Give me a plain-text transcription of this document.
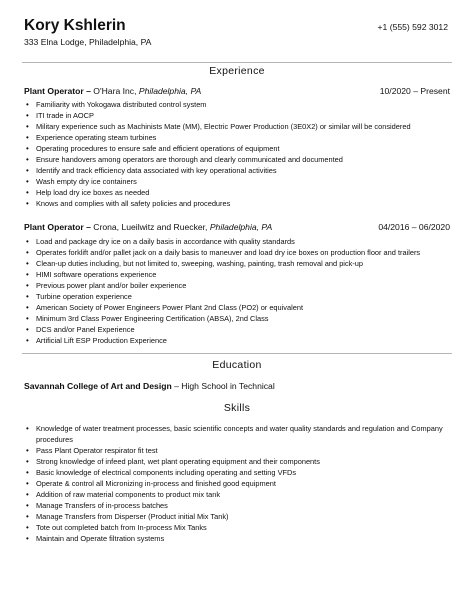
Kory Kshlerin
333 Elna Lodge, Philadelphia, PA
+1 (555) 592 3012
Experience
Plant Operator – O'Hara Inc, Philadelphia, PA	10/2020 – Present
• Familiarity with Yokogawa distributed control system
• ITI trade in AOCP
• Military experience such as Machinists Mate (MM), Electric Power Production (3E0X2) or similar will be considered
• Experience operating steam turbines
• Operating procedures to ensure safe and efficient operations of equipment
• Ensure handovers among operators are thorough and clearly communicated and documented
• Identify and track efficiency data associated with key operational activities
• Wash empty dry ice containers
• Help load dry ice boxes as needed
• Knows and complies with all safety policies and procedures
Plant Operator – Crona, Lueilwitz and Ruecker, Philadelphia, PA	04/2016 – 06/2020
• Load and package dry ice on a daily basis in accordance with quality standards
• Operates forklift and/or pallet jack on a daily basis to maneuver and load dry ice boxes on production floor and trailers
• Clean-up duties including, but not limited to, sweeping, washing, painting, trash removal and pick-up
• HIMI software operations experience
• Previous power plant and/or boiler experience
• Turbine operation experience
• American Society of Power Engineers Power Plant 2nd Class (PO2) or equivalent
• Minimum 3rd Class Power Engineering Certification (ABSA), 2nd Class
• DCS and/or Panel Experience
• Artificial Lift ESP Production Experience
Education
Savannah College of Art and Design – High School in Technical
Skills
• Knowledge of water treatment processes, basic scientific concepts and water quality standards and regulation and Company procedures
• Pass Plant Operator respirator fit test
• Strong knowledge of infeed plant, wet plant operating equipment and their components
• Basic knowledge of electrical components including operating and setting VFDs
• Operate & control all Micronizing in-process and finished good equipment
• Addition of raw material components to product mix tank
• Manage Transfers of in-process batches
• Manage Transfers from Disperser (Product initial Mix Tank)
• Tote out completed batch from In-process Mix Tanks
• Maintain and Operate filtration systems
